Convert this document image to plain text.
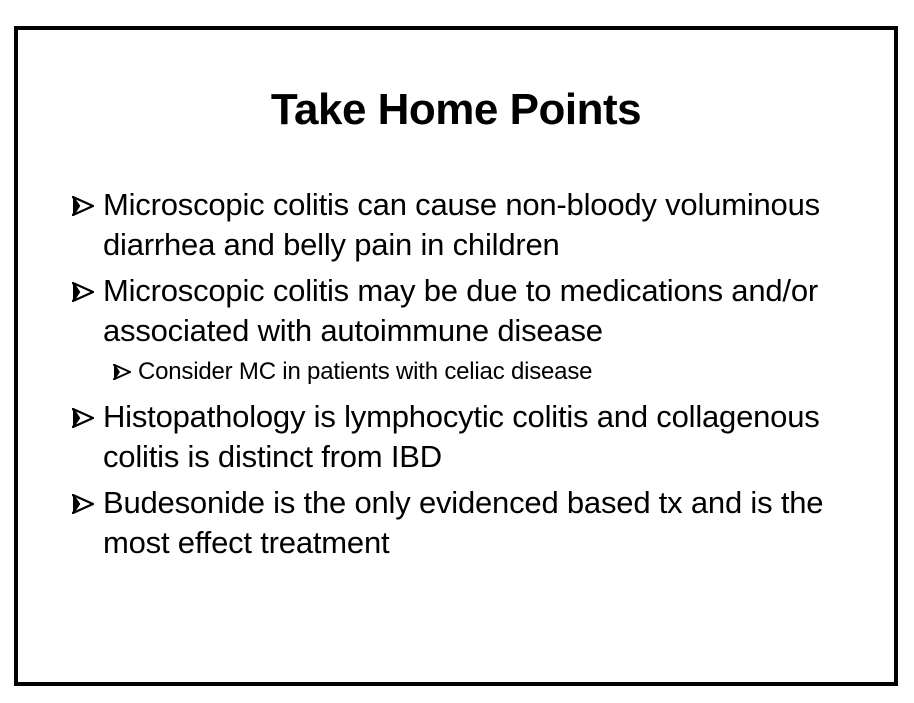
Take Home Points
Microscopic colitis can cause non-bloody voluminous diarrhea and belly pain in children
Microscopic colitis may be due to medications and/or associated with autoimmune disease
Consider MC in patients with celiac disease
Histopathology is lymphocytic colitis and collagenous colitis is distinct from IBD
Budesonide is the only evidenced based tx and is the most effect treatment
